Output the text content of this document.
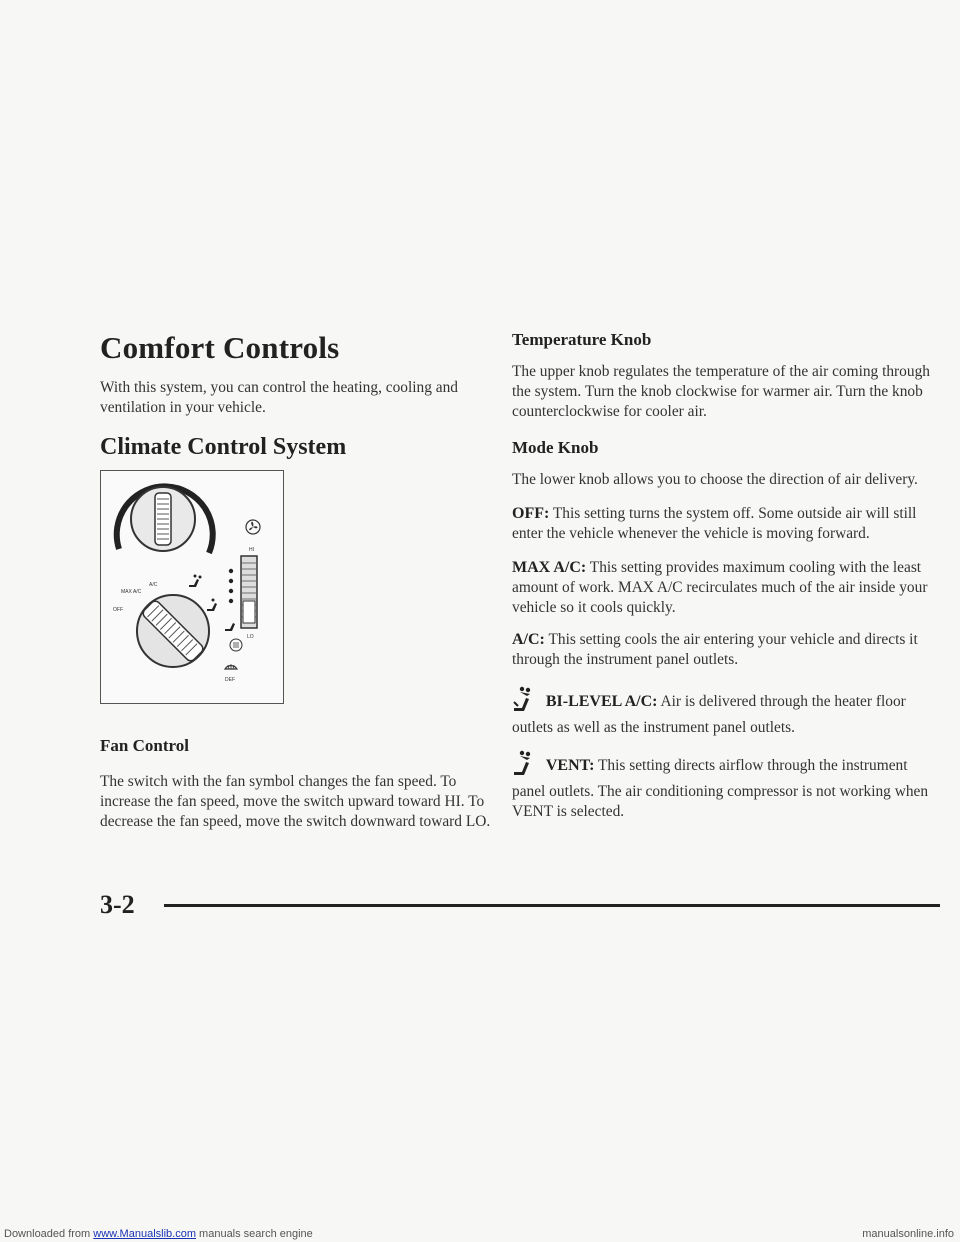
Comfort Controls

With this system, you can control the heating, cooling and ventilation in your vehicle.

Climate Control System
HI
LO
MAX A/C
A/C
OFF
DEF
Fan Control

The switch with the fan symbol changes the fan speed. To increase the fan speed, move the switch upward toward HI. To decrease the fan speed, move the switch downward toward LO.

Temperature Knob

The upper knob regulates the temperature of the air coming through the system. Turn the knob clockwise for warmer air. Turn the knob counterclockwise for cooler air.

Mode Knob

The lower knob allows you to choose the direction of air delivery.

OFF: This setting turns the system off. Some outside air will still enter the vehicle whenever the vehicle is moving forward.

MAX A/C: This setting provides maximum cooling with the least amount of work. MAX A/C recirculates much of the air inside your vehicle so it cools quickly.

A/C: This setting cools the air entering your vehicle and directs it through the instrument panel outlets.

BI-LEVEL A/C: Air is delivered through the heater floor outlets as well as the instrument panel outlets.

VENT: This setting directs airflow through the instrument panel outlets. The air conditioning compressor is not working when VENT is selected.

3-2
Downloaded from www.Manualslib.com manuals search engine	manualsonline.info
